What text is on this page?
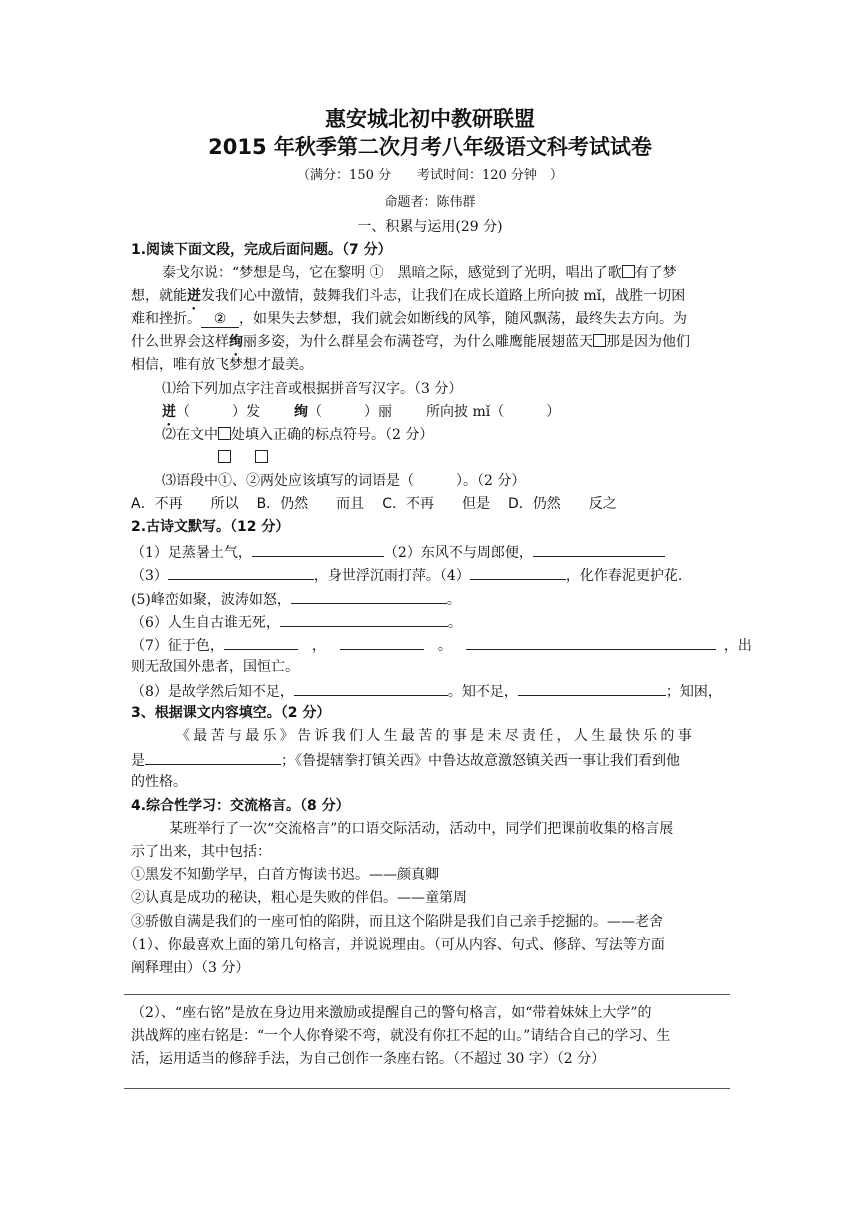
惠安城北初中教研联盟
2015 年秋季第二次月考八年级语文科考试试卷
（满分：150 分　　考试时间：120 分钟　）
命题者：陈伟群
一、积累与运用(29 分)
1.阅读下面文段，完成后面问题。（7 分）
泰戈尔说：“梦想是鸟，它在黎明 ①　黑暗之际，感觉到了光明，唱出了歌 有了梦
想，就能迸发我们心中激情，鼓舞我们斗志，让我们在成长道路上所向披 mǐ，战胜一切困
难和挫折。 ② ，如果失去梦想，我们就会如断线的风筝，随风飘荡，最终失去方向。为
什么世界会这样绚丽多姿，为什么群星会布满苍穹，为什么雕鹰能展翅蓝天 那是因为他们
相信，唯有放飞梦想才最美。
⑴给下列加点字注音或根据拼音写汉字。（3 分）
迸（　　　）发 绚（　　　）丽 所向披 mǐ（　　　）
⑵在文中 处填入正确的标点符号。（2 分）
⑶语段中①、②两处应该填写的词语是（　　　）。（2 分）
A．不再　　所以 B．仍然　　而且 C．不再　　但是 D．仍然　　反之
2.古诗文默写。（12 分）
（1）足蒸暑土气，	（2）东风不与周郎便，
（3）	，身世浮沉雨打萍。（4）	，化作春泥更护花.
(5)峰峦如聚，波涛如怒，	。
（6）人生自古谁无死，	。
（7）征于色，	，	。	，出
则无敌国外患者，国恒亡。
（8）是故学然后知不足，	。知不足，	；知困，
3、根据课文内容填空。（2 分）
《最苦与最乐》告诉我们人生最苦的事是未尽责任，人生最快乐的事
是	；《鲁提辖拳打镇关西》中鲁达故意激怒镇关西一事让我们看到他
的性格。
4.综合性学习：交流格言。（8 分）
某班举行了一次“交流格言”的口语交际活动，活动中，同学们把课前收集的格言展
示了出来，其中包括：
①黑发不知勤学早，白首方悔读书迟。——颜真卿
②认真是成功的秘诀，粗心是失败的伴侣。——童第周
③骄傲自满是我们的一座可怕的陷阱，而且这个陷阱是我们自己亲手挖掘的。——老舍
（1）、你最喜欢上面的第几句格言，并说说理由。（可从内容、句式、修辞、写法等方面
阐释理由）（3 分）
（2）、“座右铭”是放在身边用来激励或提醒自己的警句格言，如“带着妹妹上大学”的
洪战辉的座右铭是：“一个人你脊梁不弯，就没有你扛不起的山。”请结合自己的学习、生
活，运用适当的修辞手法，为自己创作一条座右铭。（不超过 30 字）（2 分）
